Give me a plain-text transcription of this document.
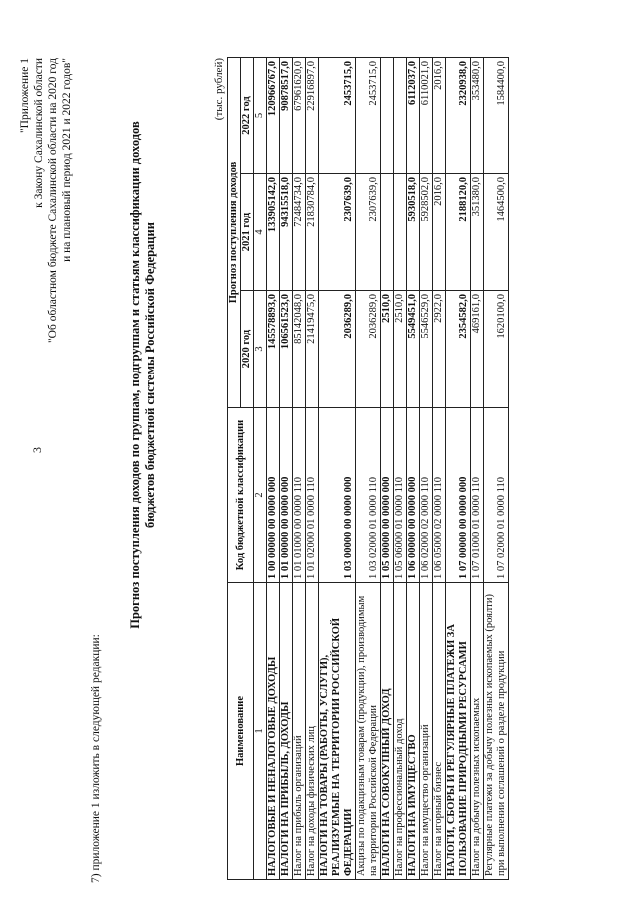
3
7) приложение 1 изложить в следующей редакции:
"Приложение 1 к Закону Сахалинской области "Об областном бюджете Сахалинской области на 2020 год и на плановый период 2021 и 2022 годов"	Прогноз поступления доходов по группам, подгруппам и статьям классификации доходов бюджетов бюджетной системы Российской Федерации
(тыс. рублей)
Наименование	Код бюджетной классификации	Прогноз поступления доходов		
		2020 год	2021 год	2022 год
1	2	3	4	5
НАЛОГОВЫЕ И НЕНАЛОГОВЫЕ ДОХОДЫ	1 00 00000 00 0000 000	145578893,0	133905142,0	120966767,0
НАЛОГИ НА ПРИБЫЛЬ, ДОХОДЫ	1 01 00000 00 0000 000	106561523,0	94315518,0	90878517,0
Налог на прибыль организаций	1 01 01000 00 0000 110	85142048,0	72484734,0	67961620,0
Налог на доходы физических лиц	1 01 02000 01 0000 110	21419475,0	21830784,0	22916897,0
НАЛОГИ НА ТОВАРЫ (РАБОТЫ, УСЛУГИ), РЕАЛИЗУЕМЫЕ НА ТЕРРИТОРИИ РОССИЙСКОЙ ФЕДЕРАЦИИ	1 03 00000 00 0000 000	2036289,0	2307639,0	2453715,0
Акцизы по подакцизным товарам (продукции), производимым на территории Российской Федерации	1 03 02000 01 0000 110	2036289,0	2307639,0	2453715,0
НАЛОГИ НА СОВОКУПНЫЙ ДОХОД	1 05 00000 00 0000 000	2510,0		
Налог на профессиональный доход	1 05 06000 01 0000 110	2510,0		
НАЛОГИ НА ИМУЩЕСТВО	1 06 00000 00 0000 000	5549451,0	5930518,0	6112037,0
Налог на имущество организаций	1 06 02000 02 0000 110	5546529,0	5928502,0	6110021,0
Налог на игорный бизнес	1 06 05000 02 0000 110	2922,0	2016,0	2016,0
НАЛОГИ, СБОРЫ И РЕГУЛЯРНЫЕ ПЛАТЕЖИ ЗА ПОЛЬЗОВАНИЕ ПРИРОДНЫМИ РЕСУРСАМИ	1 07 00000 00 0000 000	2354582,0	2188120,0	2320938,0
Налог на добычу полезных ископаемых	1 07 01000 01 0000 110	469161,0	351380,0	353480,0
Регулярные платежи за добычу полезных ископаемых (роялти) при выполнении соглашений о разделе продукции	1 07 02000 01 0000 110	1620100,0	1464500,0	1584400,0
